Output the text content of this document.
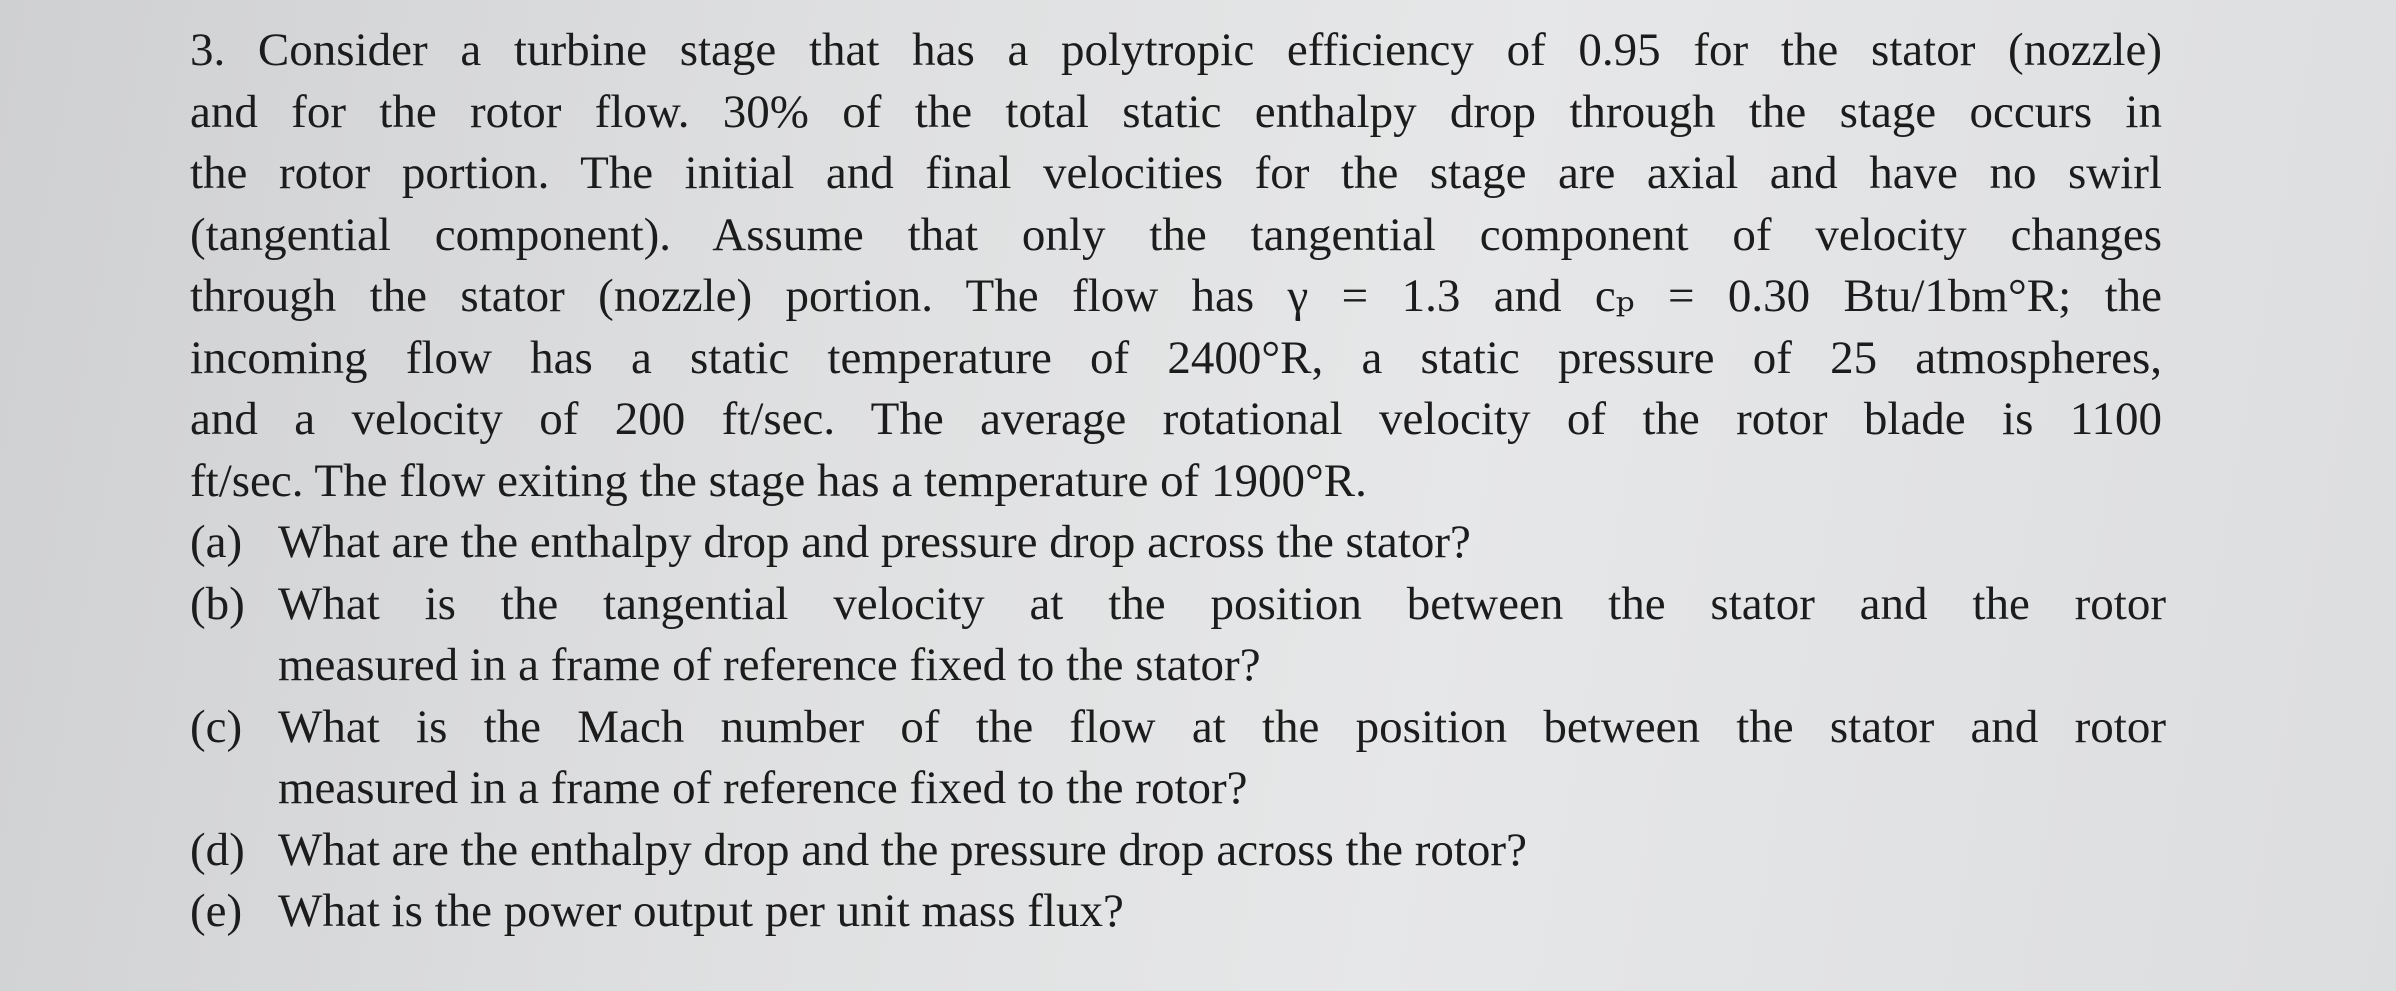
3. Consider a turbine stage that has a polytropic efficiency of 0.95 for the stator (nozzle)
and for the rotor flow. 30% of the total static enthalpy drop through the stage occurs in
the rotor portion. The initial and final velocities for the stage are axial and have no swirl
(tangential component). Assume that only the tangential component of velocity changes
through the stator (nozzle) portion. The flow has γ = 1.3 and cₚ = 0.30 Btu/1bm°R; the
incoming flow has a static temperature of 2400°R, a static pressure of 25 atmospheres,
and a velocity of 200 ft/sec. The average rotational velocity of the rotor blade is 1100
ft/sec. The flow exiting the stage has a temperature of 1900°R.
(a) What are the enthalpy drop and pressure drop across the stator?
(b) What is the tangential velocity at the position between the stator and the rotor
measured in a frame of reference fixed to the stator?
(c) What is the Mach number of the flow at the position between the stator and rotor
measured in a frame of reference fixed to the rotor?
(d) What are the enthalpy drop and the pressure drop across the rotor?
(e) What is the power output per unit mass flux?
